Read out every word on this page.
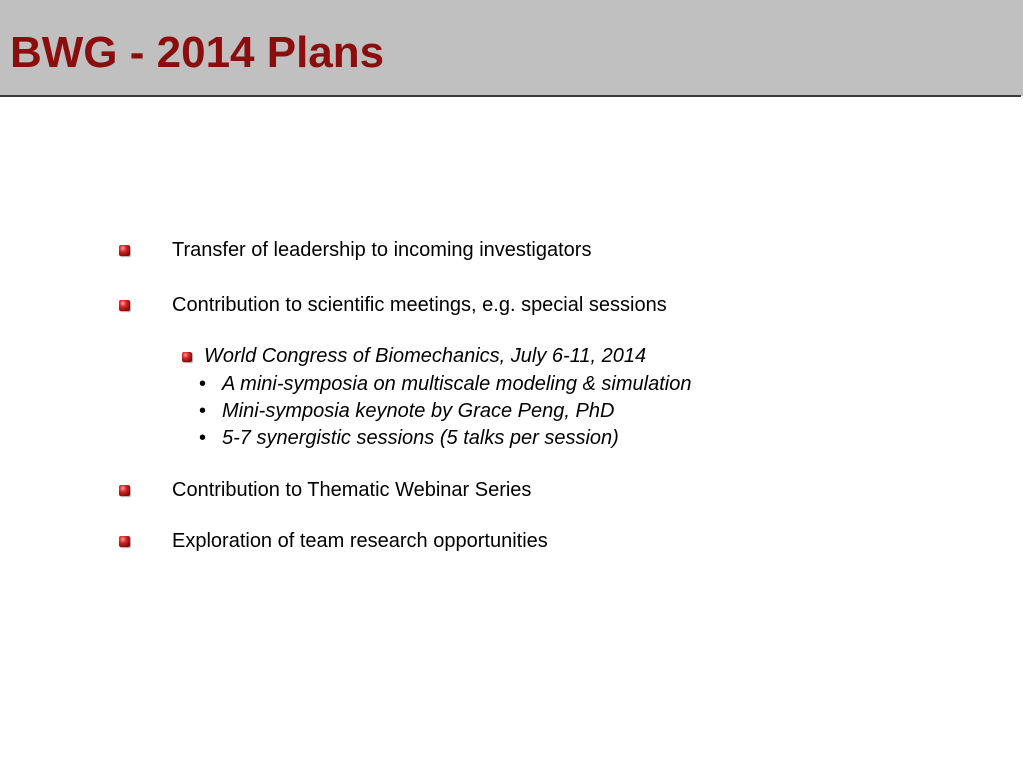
BWG - 2014 Plans

Transfer of leadership to incoming investigators

Contribution to scientific meetings, e.g. special sessions

World Congress of Biomechanics, July 6-11, 2014

• A mini-symposia on multiscale modeling & simulation

• Mini-symposia keynote by Grace Peng, PhD

• 5-7 synergistic sessions (5 talks per session)

Contribution to Thematic Webinar Series

Exploration of team research opportunities
